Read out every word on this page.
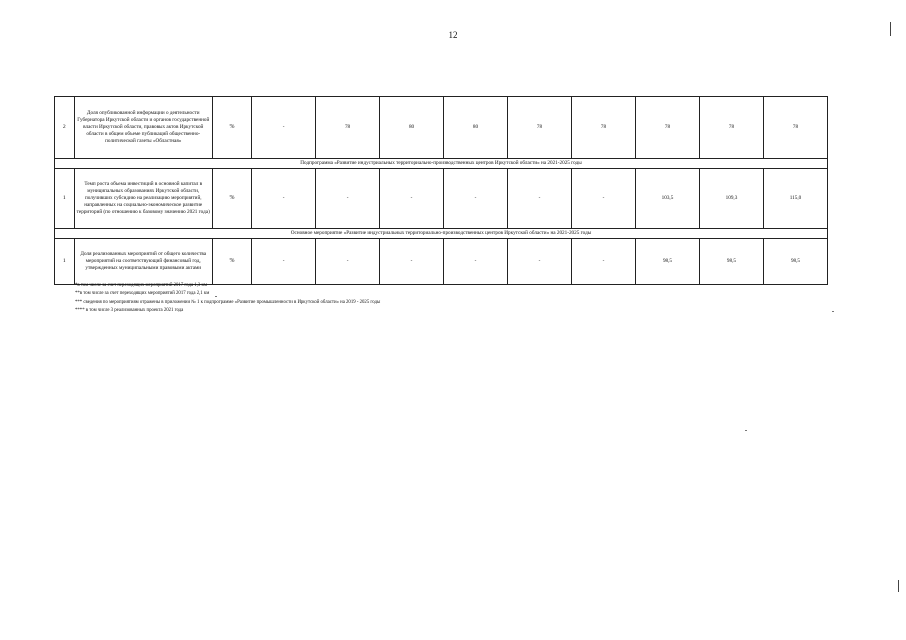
12
2	Доля опубликованной информации о деятельности Губернатора Иркутской области и органов государственной власти Иркутской области, правовых актов Иркутской области в общем объеме публикаций общественно-политической газеты «Областная»	%	-	78	80	80	78	78	78	78	78
Подпрограмма «Развитие индустриальных территориально-производственных центров Иркутской области» на 2021-2025 годы											
1	Темп роста объема инвестиций в основной капитал в муниципальных образованиях Иркутской области, получивших субсидию на реализацию мероприятий, направленных на социально-экономическое развитие территорий (по отношению к базовому значению 2021 года)	%	-	-	-	-	-	-	103,5	109,3	115,0
Основное мероприятие «Развитие индустриальных территориально-производственных центров Иркутской области» на 2021-2025 годы											
1	Доля реализованных мероприятий от общего количества мероприятий на соответствующий финансовый год, утвержденных муниципальными правовыми актами	%	-	-	-	-	-	-	98,5	98,5	98,5
*в том числе за счет переходящих мероприятий 2017 года 1,3 км
**в том числе за счет переходящих мероприятий 2017 года 2,1 км
*** сведения по мероприятиям отражены в приложении № 1 к подпрограмме «Развитие промышленности в Иркутской области» на 2019 - 2025 годы
**** в том числе 3 реализованных проекта 2021 года
